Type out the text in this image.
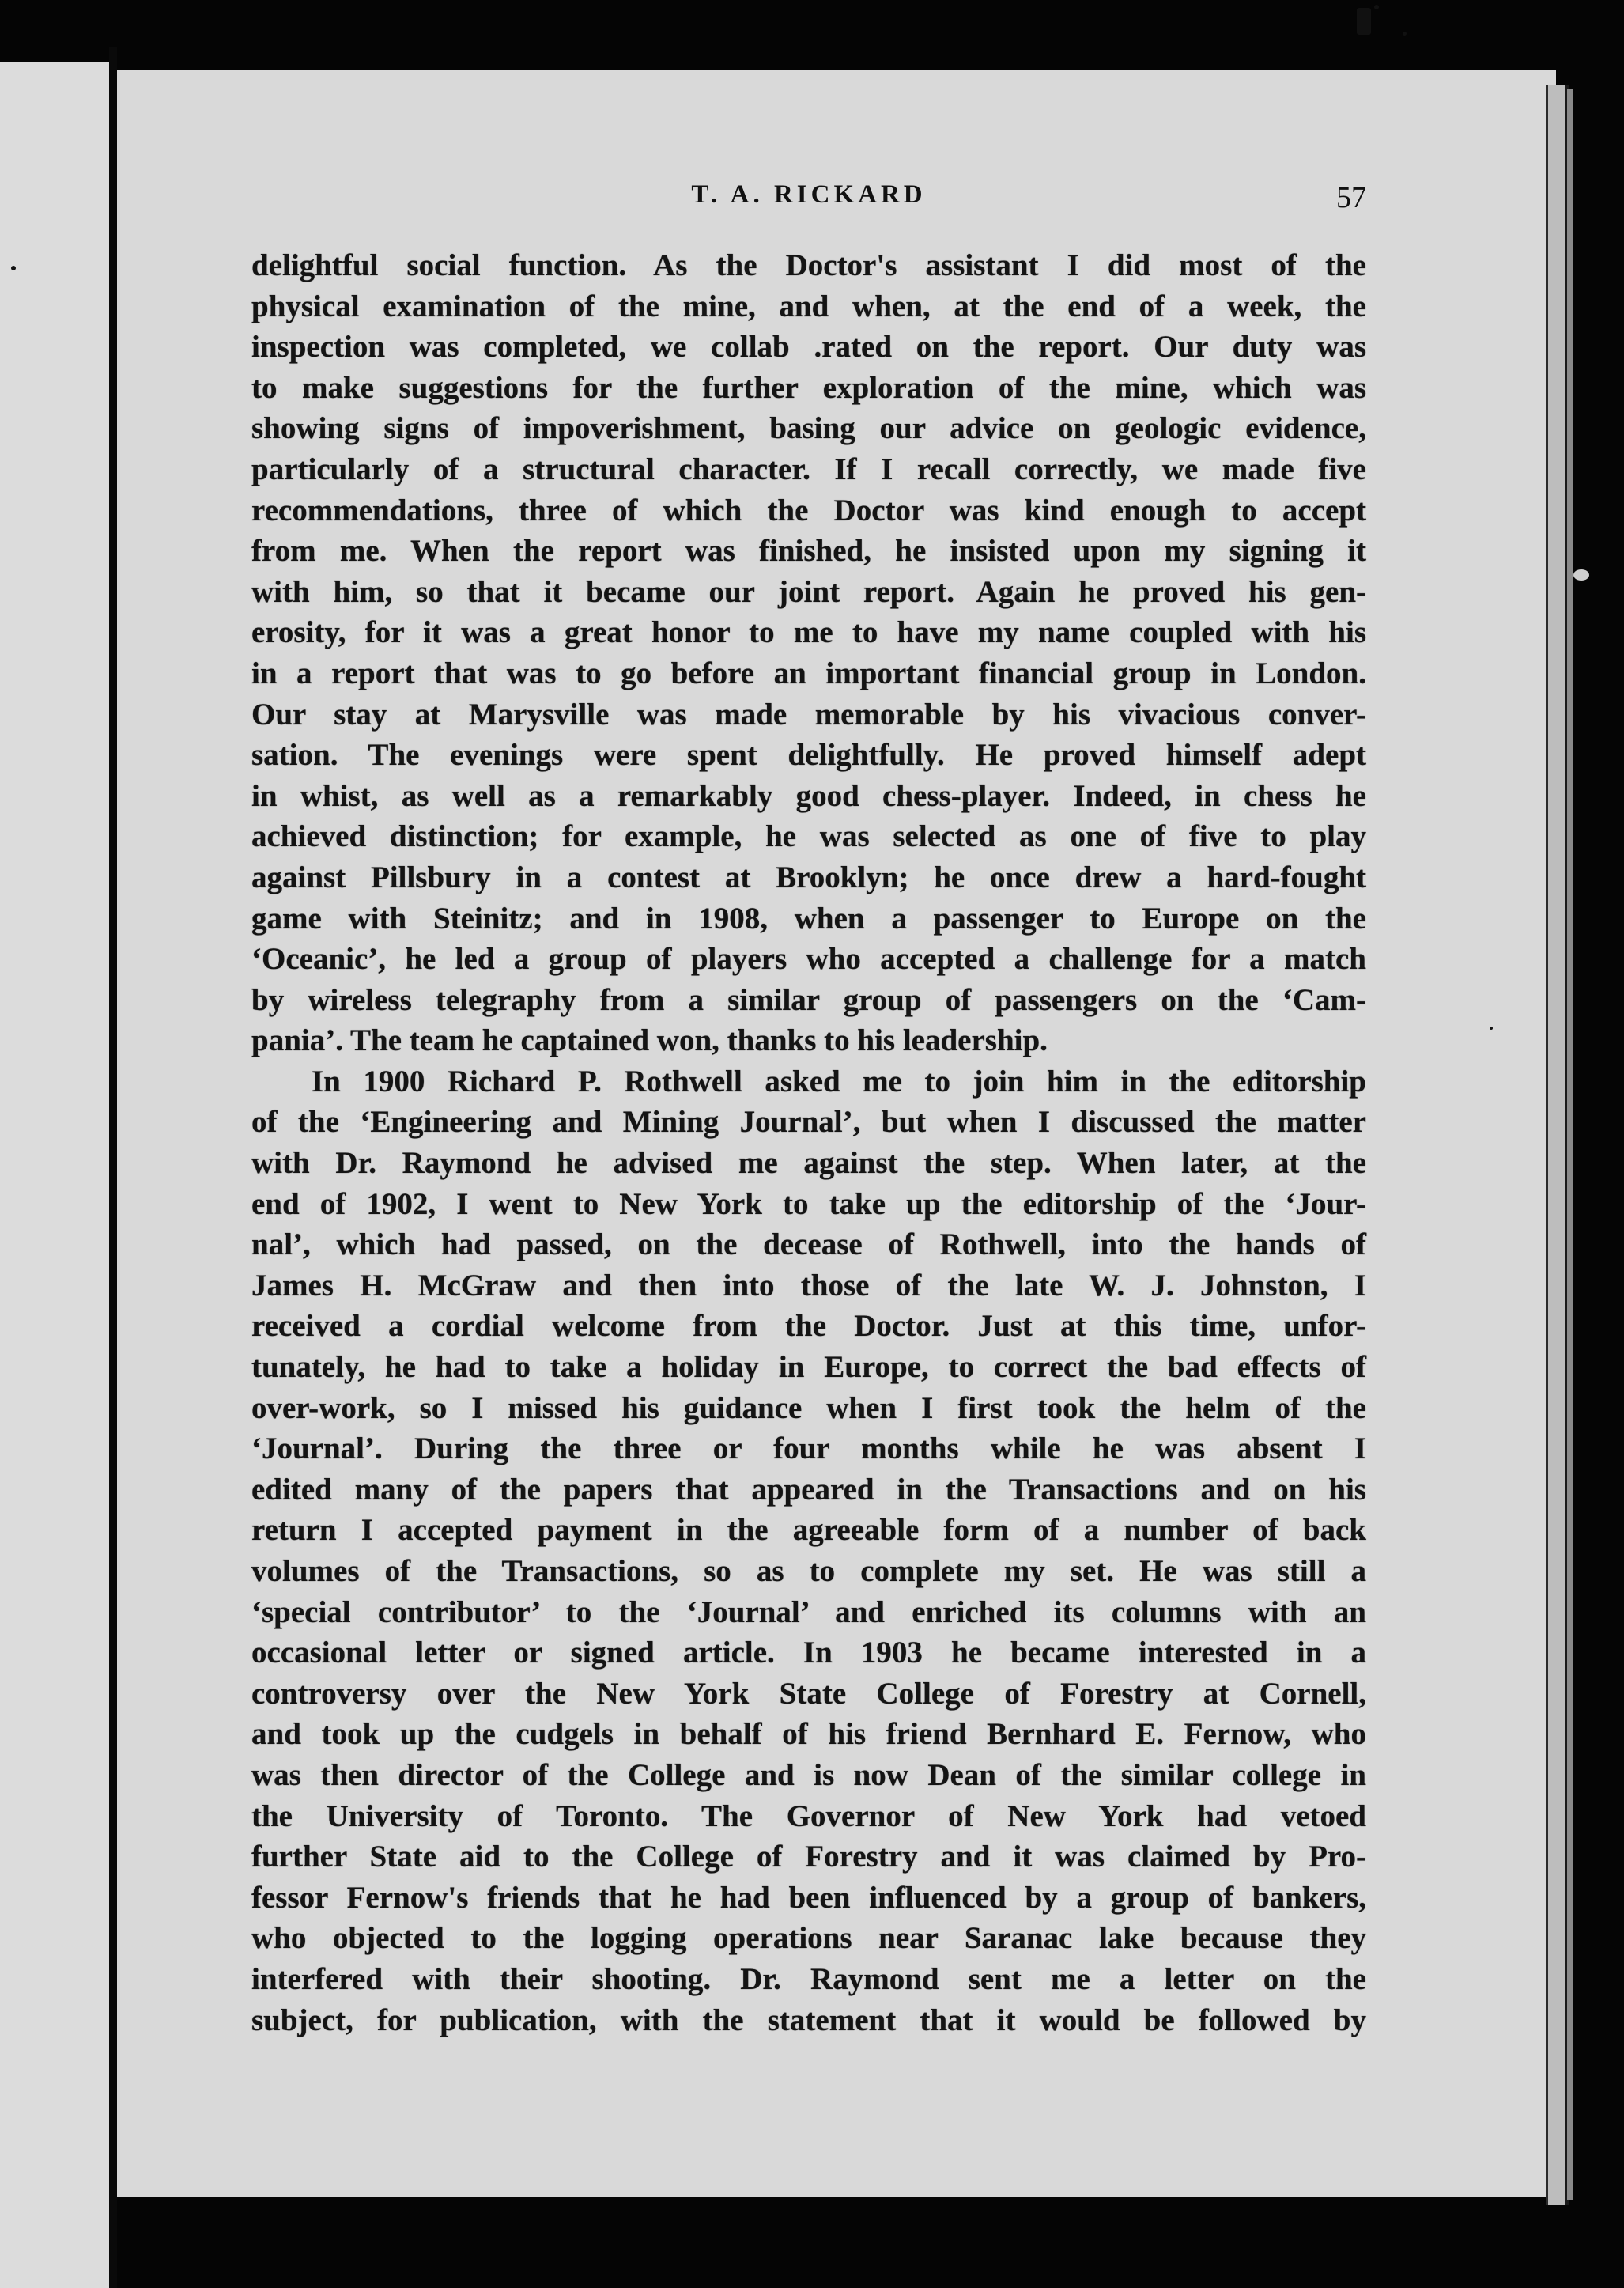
T. A. RICKARD	57
delightful social function. As the Doctor's assistant I did most of the
physical examination of the mine, and when, at the end of a week, the
inspection was completed, we collab .rated on the report. Our duty was
to make suggestions for the further exploration of the mine, which was
showing signs of impoverishment, basing our advice on geologic evidence,
particularly of a structural character. If I recall correctly, we made five
recommendations, three of which the Doctor was kind enough to accept
from me. When the report was finished, he insisted upon my signing it
with him, so that it became our joint report. Again he proved his gen-
erosity, for it was a great honor to me to have my name coupled with his
in a report that was to go before an important financial group in London.
Our stay at Marysville was made memorable by his vivacious conver-
sation. The evenings were spent delightfully. He proved himself adept
in whist, as well as a remarkably good chess-player. Indeed, in chess he
achieved distinction; for example, he was selected as one of five to play
against Pillsbury in a contest at Brooklyn; he once drew a hard-fought
game with Steinitz; and in 1908, when a passenger to Europe on the
‘Oceanic’, he led a group of players who accepted a challenge for a match
by wireless telegraphy from a similar group of passengers on the ‘Cam-
pania’. The team he captained won, thanks to his leadership.
In 1900 Richard P. Rothwell asked me to join him in the editorship
of the ‘Engineering and Mining Journal’, but when I discussed the matter
with Dr. Raymond he advised me against the step. When later, at the
end of 1902, I went to New York to take up the editorship of the ‘Jour-
nal’, which had passed, on the decease of Rothwell, into the hands of
James H. McGraw and then into those of the late W. J. Johnston, I
received a cordial welcome from the Doctor. Just at this time, unfor-
tunately, he had to take a holiday in Europe, to correct the bad effects of
over-work, so I missed his guidance when I first took the helm of the
‘Journal’. During the three or four months while he was absent I
edited many of the papers that appeared in the Transactions and on his
return I accepted payment in the agreeable form of a number of back
volumes of the Transactions, so as to complete my set. He was still a
‘special contributor’ to the ‘Journal’ and enriched its columns with an
occasional letter or signed article. In 1903 he became interested in a
controversy over the New York State College of Forestry at Cornell,
and took up the cudgels in behalf of his friend Bernhard E. Fernow, who
was then director of the College and is now Dean of the similar college in
the University of Toronto. The Governor of New York had vetoed
further State aid to the College of Forestry and it was claimed by Pro-
fessor Fernow's friends that he had been influenced by a group of bankers,
who objected to the logging operations near Saranac lake because they
interfered with their shooting. Dr. Raymond sent me a letter on the
subject, for publication, with the statement that it would be followed by
